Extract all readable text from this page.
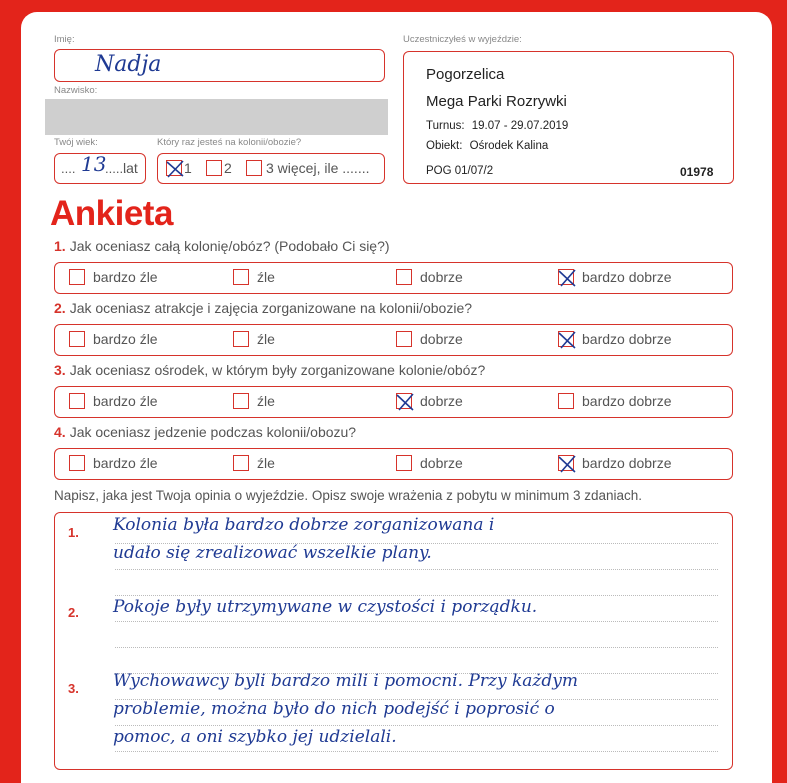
Imię:
Nadja
Nazwisko:
Twój wiek:
.... 13
......
lat
Który raz jesteś na kolonii/obozie?
1 2 3 więcej, ile .......
Uczestniczyłeś w wyjeździe:
Pogorzelica
Mega Parki Rozrywki
Turnus: 19.07 - 29.07.2019
Obiekt: Ośrodek Kalina
POG 01/07/2	01978
Ankieta
1. Jak oceniasz całą kolonię/obóz? (Podobało Ci się?)
bardzo źle	źle	dobrze	bardzo dobrze
2. Jak oceniasz atrakcje i zajęcia zorganizowane na kolonii/obozie?
bardzo źle	źle	dobrze	bardzo dobrze
3. Jak oceniasz ośrodek, w którym były zorganizowane kolonie/obóz?
bardzo źle	źle	dobrze	bardzo dobrze
4. Jak oceniasz jedzenie podczas kolonii/obozu?
bardzo źle	źle	dobrze	bardzo dobrze
Napisz, jaka jest Twoja opinia o wyjeździe. Opisz swoje wrażenia z pobytu w minimum 3 zdaniach.
1. Kolonia była bardzo dobrze zorganizowana i
udało się zrealizować wszelkie plany.
2. Pokoje były utrzymywane w czystości i porządku.
3. Wychowawcy byli bardzo mili i pomocni. Przy każdym
problemie, można było do nich podejść i poprosić o
pomoc, a oni szybko jej udzielali.
